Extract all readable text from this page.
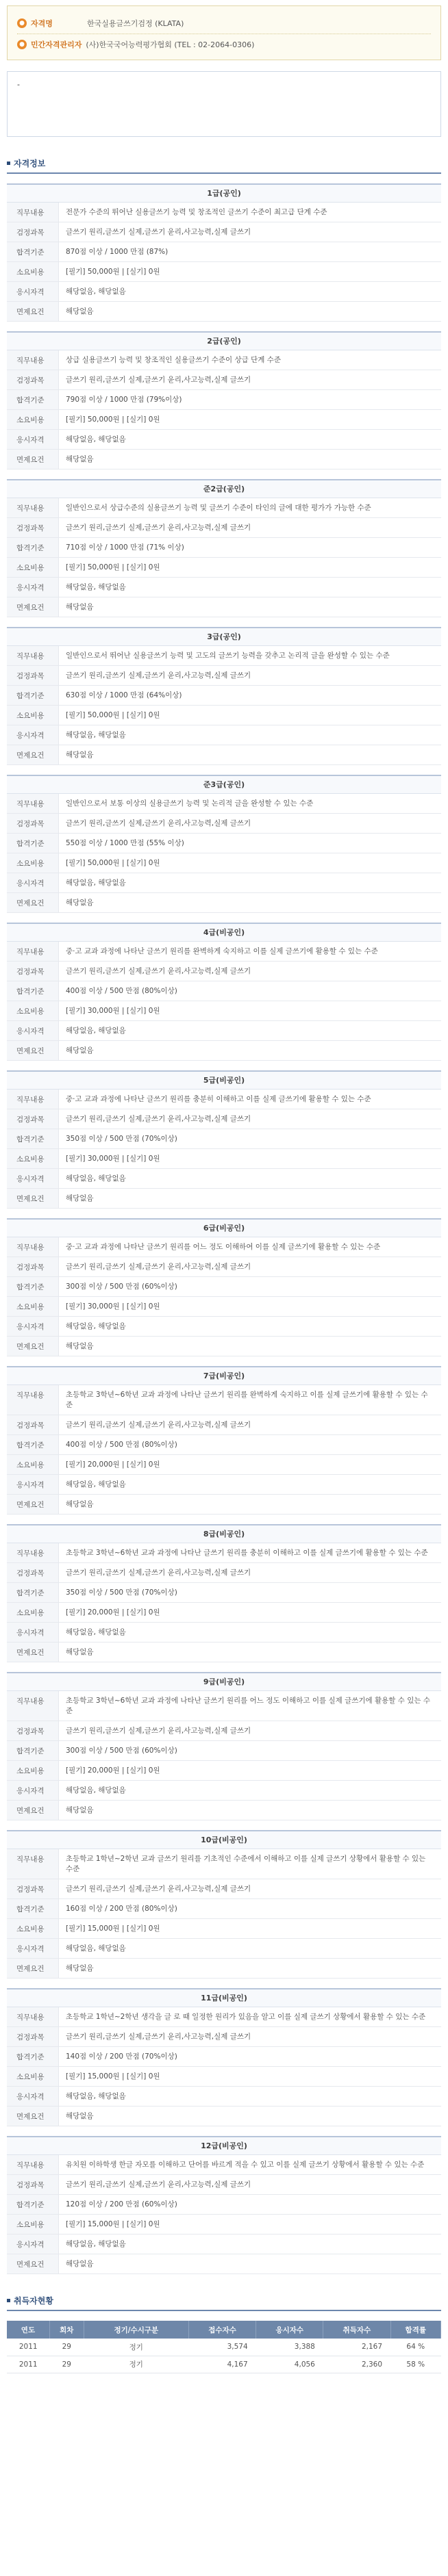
● 자격명	한국실용글쓰기검정 (KLATA)
● 민간자격관리자 (사)한국국어능력평가협회 (TEL : 02-2064-0306)
-
자격정보
1급(공인)
직무내용	전문가 수준의 뛰어난 실용글쓰기 능력 및 창조적인 글쓰기 수준이 최고급 단계 수준
검정과목	글쓰기 원리,글쓰기 실제,글쓰기 윤리,사고능력,실제 글쓰기
합격기준	870점 이상 / 1000 만점 (87%)
소요비용	[필기] 50,000원 | [실기] 0원
응시자격	해당없음, 해당없음
면제요건	해당없음
2급(공인)
직무내용	상급 실용글쓰기 능력 및 창조적인 실용글쓰기 수준이 상급 단계 수준
검정과목	글쓰기 원리,글쓰기 실제,글쓰기 윤리,사고능력,실제 글쓰기
합격기준	790점 이상 / 1000 만점 (79%이상)
소요비용	[필기] 50,000원 | [실기] 0원
응시자격	해당없음, 해당없음
면제요건	해당없음
준2급(공인)
직무내용	일반인으로서 상급수준의 실용글쓰기 능력 및 글쓰기 수준이 타인의 글에 대한 평가가 가능한 수준
검정과목	글쓰기 원리,글쓰기 실제,글쓰기 윤리,사고능력,실제 글쓰기
합격기준	710점 이상 / 1000 만점 (71% 이상)
소요비용	[필기] 50,000원 | [실기] 0원
응시자격	해당없음, 해당없음
면제요건	해당없음
3급(공인)
직무내용	일반인으로서 뛰어난 실용글쓰기 능력 및 고도의 글쓰기 능력을 갖추고 논리적 글을 완성할 수 있는 수준
검정과목	글쓰기 원리,글쓰기 실제,글쓰기 윤리,사고능력,실제 글쓰기
합격기준	630점 이상 / 1000 만점 (64%이상)
소요비용	[필기] 50,000원 | [실기] 0원
응시자격	해당없음, 해당없음
면제요건	해당없음
준3급(공인)
직무내용	일반인으로서 보통 이상의 실용글쓰기 능력 및 논리적 글을 완성할 수 있는 수준
검정과목	글쓰기 원리,글쓰기 실제,글쓰기 윤리,사고능력,실제 글쓰기
합격기준	550점 이상 / 1000 만점 (55% 이상)
소요비용	[필기] 50,000원 | [실기] 0원
응시자격	해당없음, 해당없음
면제요건	해당없음
4급(비공인)
직무내용	중·고 교과 과정에 나타난 글쓰기 원리를 완벽하게 숙지하고 이를 실제 글쓰기에 활용할 수 있는 수준
검정과목	글쓰기 원리,글쓰기 실제,글쓰기 윤리,사고능력,실제 글쓰기
합격기준	400점 이상 / 500 만점 (80%이상)
소요비용	[필기] 30,000원 | [실기] 0원
응시자격	해당없음, 해당없음
면제요건	해당없음
5급(비공인)
직무내용	중·고 교과 과정에 나타난 글쓰기 원리를 충분히 이해하고 이를 실제 글쓰기에 활용할 수 있는 수준
검정과목	글쓰기 원리,글쓰기 실제,글쓰기 윤리,사고능력,실제 글쓰기
합격기준	350점 이상 / 500 만점 (70%이상)
소요비용	[필기] 30,000원 | [실기] 0원
응시자격	해당없음, 해당없음
면제요건	해당없음
6급(비공인)
직무내용	중·고 교과 과정에 나타난 글쓰기 원리를 어느 정도 이해하여 이를 실제 글쓰기에 활용할 수 있는 수준
검정과목	글쓰기 원리,글쓰기 실제,글쓰기 윤리,사고능력,실제 글쓰기
합격기준	300점 이상 / 500 만점 (60%이상)
소요비용	[필기] 30,000원 | [실기] 0원
응시자격	해당없음, 해당없음
면제요건	해당없음
7급(비공인)
직무내용	초등학교 3학년~6학년 교과 과정에 나타난 글쓰기 원리를 완벽하게 숙지하고 이를 실제 글쓰기에 활용할 수 있는 수준
검정과목	글쓰기 원리,글쓰기 실제,글쓰기 윤리,사고능력,실제 글쓰기
합격기준	400점 이상 / 500 만점 (80%이상)
소요비용	[필기] 20,000원 | [실기] 0원
응시자격	해당없음, 해당없음
면제요건	해당없음
8급(비공인)
직무내용	초등학교 3학년~6학년 교과 과정에 나타난 글쓰기 원리를 충분히 이해하고 이를 실제 글쓰기에 활용할 수 있는 수준
검정과목	글쓰기 원리,글쓰기 실제,글쓰기 윤리,사고능력,실제 글쓰기
합격기준	350점 이상 / 500 만점 (70%이상)
소요비용	[필기] 20,000원 | [실기] 0원
응시자격	해당없음, 해당없음
면제요건	해당없음
9급(비공인)
직무내용	초등학교 3학년~6학년 교과 과정에 나타난 글쓰기 원리를 어느 정도 이해하고 이를 실제 글쓰기에 활용할 수 있는 수준
검정과목	글쓰기 원리,글쓰기 실제,글쓰기 윤리,사고능력,실제 글쓰기
합격기준	300점 이상 / 500 만점 (60%이상)
소요비용	[필기] 20,000원 | [실기] 0원
응시자격	해당없음, 해당없음
면제요건	해당없음
10급(비공인)
직무내용	초등학교 1학년~2학년 교과 글쓰기 원리를 기초적인 수준에서 이해하고 이를 실제 글쓰기 상황에서 활용할 수 있는 수준
검정과목	글쓰기 원리,글쓰기 실제,글쓰기 윤리,사고능력,실제 글쓰기
합격기준	160점 이상 / 200 만점 (80%이상)
소요비용	[필기] 15,000원 | [실기] 0원
응시자격	해당없음, 해당없음
면제요건	해당없음
11급(비공인)
직무내용	초등학교 1학년~2학년 생각을 글 로 때 일정한 원리가 있음을 알고 이를 실제 글쓰기 상황에서 활용할 수 있는 수준
검정과목	글쓰기 원리,글쓰기 실제,글쓰기 윤리,사고능력,실제 글쓰기
합격기준	140점 이상 / 200 만점 (70%이상)
소요비용	[필기] 15,000원 | [실기] 0원
응시자격	해당없음, 해당없음
면제요건	해당없음
12급(비공인)
직무내용	유치원 이하학생 한글 자모를 이해하고 단어를 바르게 적을 수 있고 이를 실제 글쓰기 상황에서 활용할 수 있는 수준
검정과목	글쓰기 원리,글쓰기 실제,글쓰기 윤리,사고능력,실제 글쓰기
합격기준	120점 이상 / 200 만점 (60%이상)
소요비용	[필기] 15,000원 | [실기] 0원
응시자격	해당없음, 해당없음
면제요건	해당없음
취득자현황
연도	회차	정기/수시구분	접수자수	응시자수	취득자수	합격률
2011	29	정기	3,574	3,388	2,167	64 %
2011	29	정기	4,167	4,056	2,360	58 %
